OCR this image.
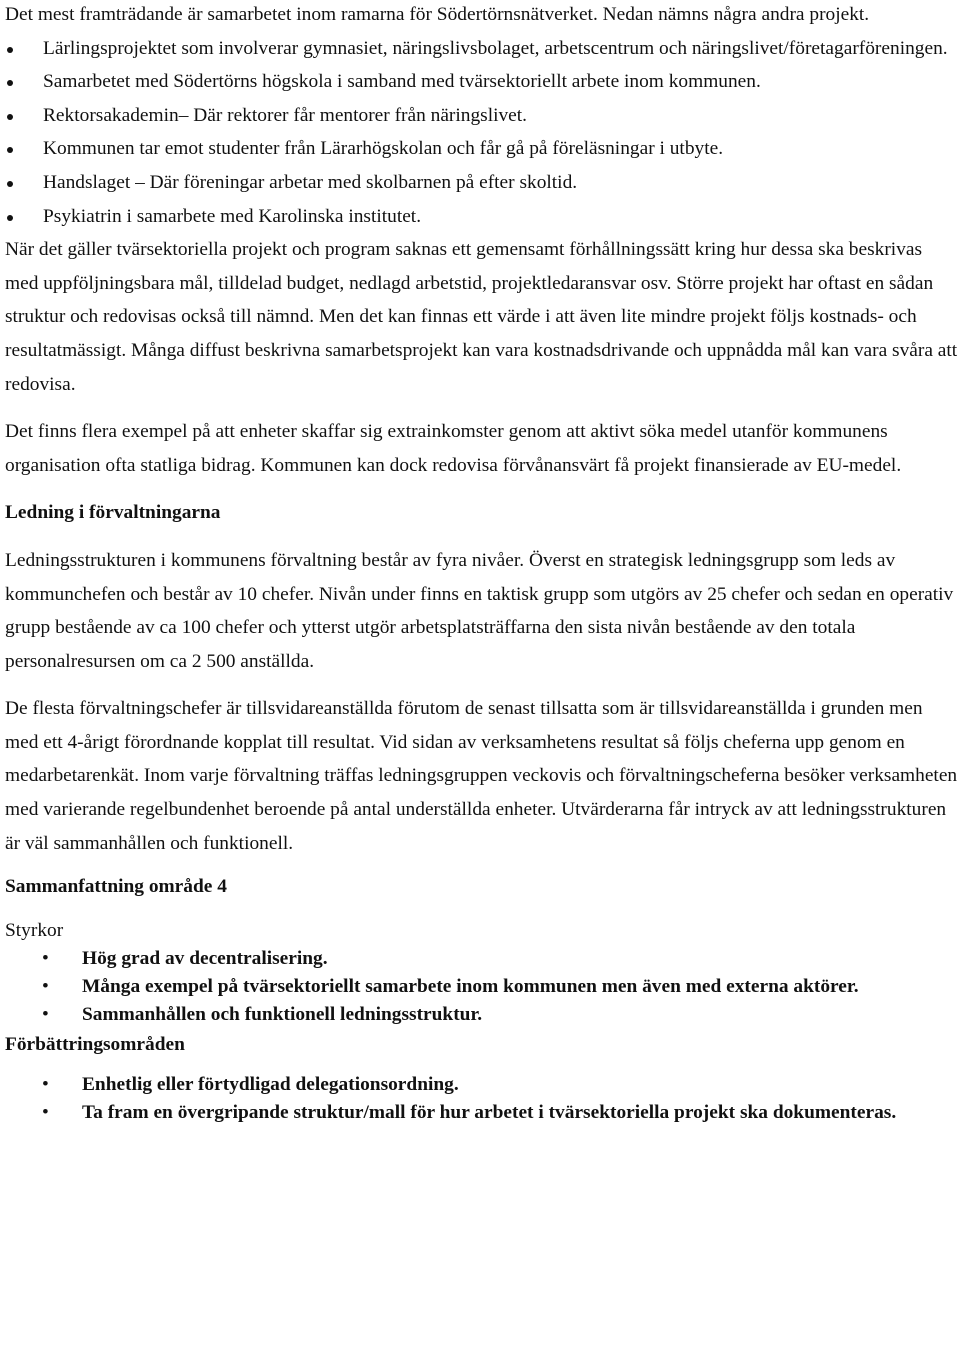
Det mest framträdande är samarbetet inom ramarna för Södertörnsnätverket. Nedan nämns några andra projekt.

Lärlingsprojektet som involverar gymnasiet, näringslivsbolaget, arbetscentrum och näringslivet/företagarföreningen.
Samarbetet med Södertörns högskola i samband med tvärsektoriellt arbete inom kommunen.
Rektorsakademin– Där rektorer får mentorer från näringslivet.
Kommunen tar emot studenter från Lärarhögskolan och får gå på föreläsningar i utbyte.
Handslaget – Där föreningar arbetar med skolbarnen på efter skoltid.
Psykiatrin i samarbete med Karolinska institutet.

När det gäller tvärsektoriella projekt och program saknas ett gemensamt förhållningssätt kring hur dessa ska beskrivas med uppföljningsbara mål, tilldelad budget, nedlagd arbetstid, projektledaransvar osv. Större projekt har oftast en sådan struktur och redovisas också till nämnd. Men det kan finnas ett värde i att även lite mindre projekt följs kostnads- och resultatmässigt. Många diffust beskrivna samarbetsprojekt kan vara kostnadsdrivande och uppnådda mål kan vara svåra att redovisa.

Det finns flera exempel på att enheter skaffar sig extrainkomster genom att aktivt söka medel utanför kommunens organisation ofta statliga bidrag. Kommunen kan dock redovisa förvånansvärt få projekt finansierade av EU-medel.

Ledning i förvaltningarna

Ledningsstrukturen i kommunens förvaltning består av fyra nivåer. Överst en strategisk ledningsgrupp som leds av kommunchefen och består av 10 chefer. Nivån under finns en taktisk grupp som utgörs av 25 chefer och sedan en operativ grupp bestående av ca 100 chefer och ytterst utgör arbetsplatsträffarna den sista nivån bestående av den totala personalresursen om ca 2 500 anställda.

De flesta förvaltningschefer är tillsvidareanställda förutom de senast tillsatta som är tillsvidareanställda i grunden men med ett 4-årigt förordnande kopplat till resultat. Vid sidan av verksamhetens resultat så följs cheferna upp genom en medarbetarenkät. Inom varje förvaltning träffas ledningsgruppen veckovis och förvaltningscheferna besöker verksamheten med varierande regelbundenhet beroende på antal underställda enheter. Utvärderarna får intryck av att ledningsstrukturen är väl sammanhållen och funktionell.

Sammanfattning område 4

Styrkor

• Hög grad av decentralisering.
• Många exempel på tvärsektoriellt samarbete inom kommunen men även med externa aktörer.
• Sammanhållen och funktionell ledningsstruktur.

Förbättringsområden

• Enhetlig eller förtydligad delegationsordning.
• Ta fram en övergripande struktur/mall för hur arbetet i tvärsektoriella projekt ska dokumenteras.
